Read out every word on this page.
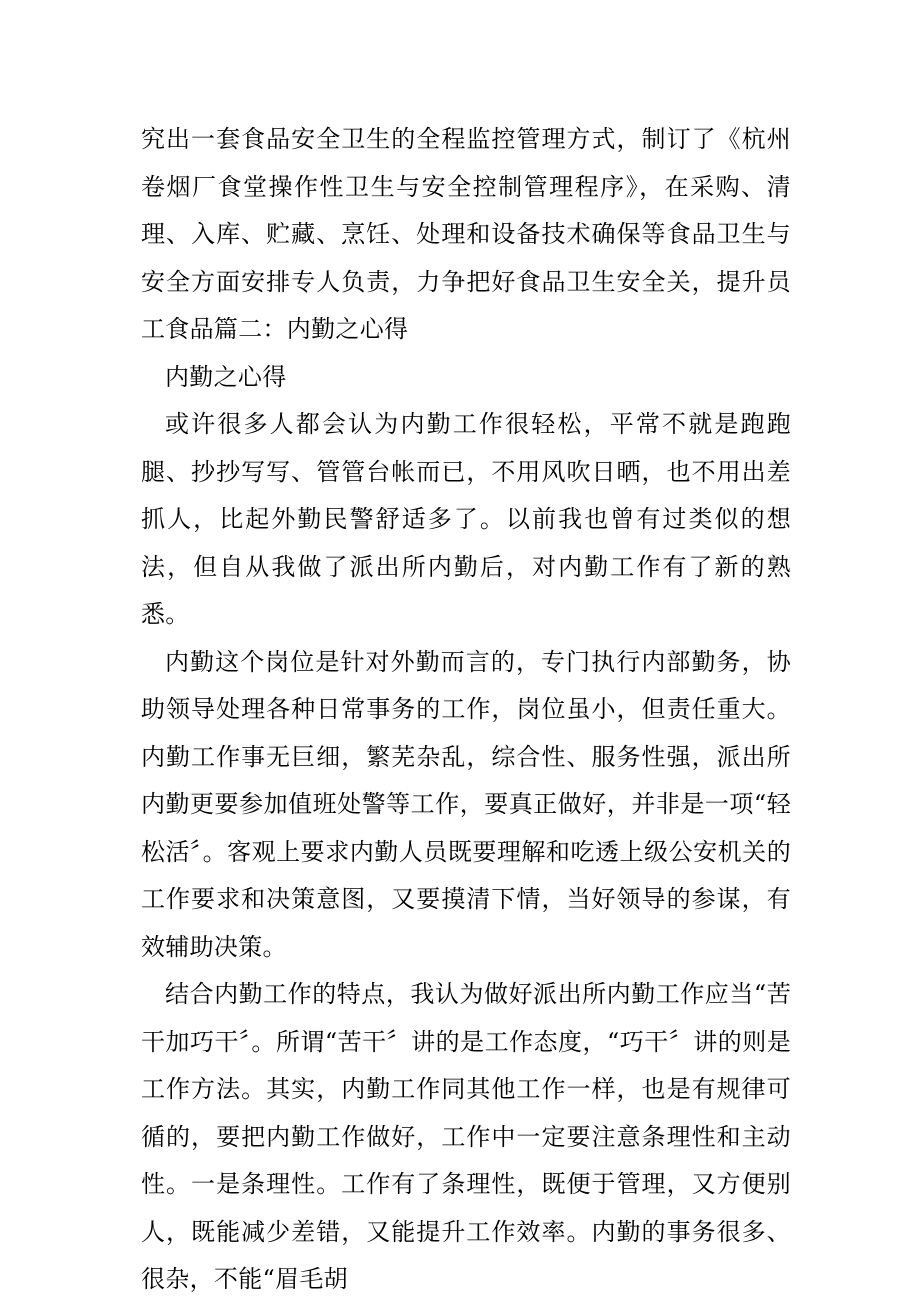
究出一套食品安全卫生的全程监控管理方式，制订了《杭州卷烟厂食堂操作性卫生与安全控制管理程序》，在采购、清理、入库、贮藏、烹饪、处理和设备技术确保等食品卫生与安全方面安排专人负责，力争把好食品卫生安全关，提升员工食品篇二：内勤之心得

内勤之心得

或许很多人都会认为内勤工作很轻松，平常不就是跑跑腿、抄抄写写、管管台帐而已，不用风吹日晒，也不用出差抓人，比起外勤民警舒适多了。以前我也曾有过类似的想法，但自从我做了派出所内勤后，对内勤工作有了新的熟悉。

内勤这个岗位是针对外勤而言的，专门执行内部勤务，协助领导处理各种日常事务的工作，岗位虽小，但责任重大。内勤工作事无巨细，繁芜杂乱，综合性、服务性强，派出所内勤更要参加值班处警等工作，要真正做好，并非是一项“轻松活〞。客观上要求内勤人员既要理解和吃透上级公安机关的工作要求和决策意图，又要摸清下情，当好领导的参谋，有效辅助决策。

结合内勤工作的特点，我认为做好派出所内勤工作应当“苦干加巧干〞。所谓“苦干〞讲的是工作态度，“巧干〞讲的则是工作方法。其实，内勤工作同其他工作一样，也是有规律可循的，要把内勤工作做好，工作中一定要注意条理性和主动性。一是条理性。工作有了条理性，既便于管理，又方便别人，既能减少差错，又能提升工作效率。内勤的事务很多、很杂，不能“眉毛胡
